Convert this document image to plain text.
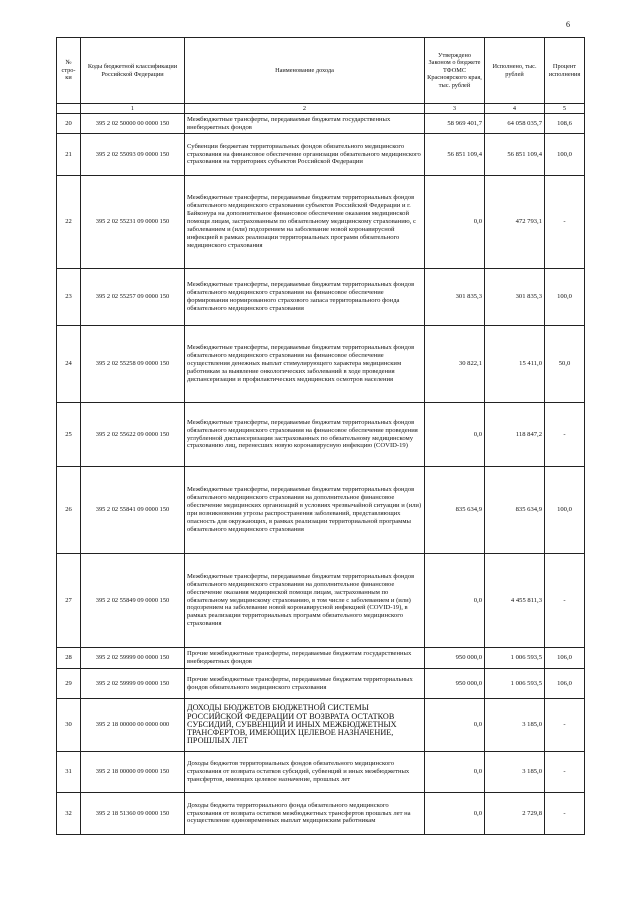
6
№ стро-ки	Коды бюджетной классификации Российской Федерации	Наименование дохода	Утверждено Законом о бюджете ТФОМС Красноярского края, тыс. рублей	Исполнено, тыс. рублей	Процент исполнения
	1	2	3	4	5
20	395 2 02 50000 00 0000 150	Межбюджетные трансферты, передаваемые бюджетам государственных внебюджетных фондов	58 969 401,7	64 058 035,7	108,6
21	395 2 02 55093 09 0000 150	Субвенции бюджетам территориальных фондов обязательного медицинского страхования на финансовое обеспечение организации обязательного медицинского страхования на территориях субъектов Российской Федерации	56 851 109,4	56 851 109,4	100,0
22	395 2 02 55231 09 0000 150	Межбюджетные трансферты, передаваемые бюджетам территориальных фондов обязательного медицинского страхования субъектов Российской Федерации и г. Байконура на дополнительное финансовое обеспечение оказания медицинской помощи лицам, застрахованным по обязательному медицинскому страхованию, с заболеванием и (или) подозрением на заболевание новой коронавирусной инфекцией в рамках реализации территориальных программ обязательного медицинского страхования	0,0	472 793,1	-
23	395 2 02 55257 09 0000 150	Межбюджетные трансферты, передаваемые бюджетам территориальных фондов обязательного медицинского страхования на финансовое обеспечение формирования нормированного страхового запаса территориального фонда обязательного медицинского страхования	301 835,3	301 835,3	100,0
24	395 2 02 55258 09 0000 150	Межбюджетные трансферты, передаваемые бюджетам территориальных фондов обязательного медицинского страхования на финансовое обеспечение осуществления денежных выплат стимулирующего характера медицинским работникам за выявление онкологических заболеваний в ходе проведения диспансеризации и профилактических медицинских осмотров населения	30 822,1	15 411,0	50,0
25	395 2 02 55622 09 0000 150	Межбюджетные трансферты, передаваемые бюджетам территориальных фондов обязательного медицинского страхования на финансовое обеспечение проведения углубленной диспансеризации застрахованных по обязательному медицинскому страхованию лиц, перенесших новую коронавирусную инфекцию (COVID-19)	0,0	118 847,2	-
26	395 2 02 55841 09 0000 150	Межбюджетные трансферты, передаваемые бюджетам территориальных фондов обязательного медицинского страхования на дополнительное финансовое обеспечение медицинских организаций в условиях чрезвычайной ситуации и (или) при возникновении угрозы распространения заболеваний, представляющих опасность для окружающих, в рамках реализации территориальной программы обязательного медицинского страхования	835 634,9	835 634,9	100,0
27	395 2 02 55849 09 0000 150	Межбюджетные трансферты, передаваемые бюджетам территориальных фондов обязательного медицинского страхования на дополнительное финансовое обеспечение оказания медицинской помощи лицам, застрахованным по обязательному медицинскому страхованию, в том числе с заболеванием и (или) подозрением на заболевание новой коронавирусной инфекцией (COVID-19), в рамках реализации территориальных программ обязательного медицинского страхования	0,0	4 455 811,3	-
28	395 2 02 59999 00 0000 150	Прочие межбюджетные трансферты, передаваемые бюджетам государственных внебюджетных фондов	950 000,0	1 006 593,5	106,0
29	395 2 02 59999 09 0000 150	Прочие межбюджетные трансферты, передаваемые бюджетам территориальных фондов обязательного медицинского страхования	950 000,0	1 006 593,5	106,0
30	395 2 18 00000 00 0000 000	ДОХОДЫ БЮДЖЕТОВ БЮДЖЕТНОЙ СИСТЕМЫ РОССИЙСКОЙ ФЕДЕРАЦИИ ОТ ВОЗВРАТА ОСТАТКОВ СУБСИДИЙ, СУБВЕНЦИЙ И ИНЫХ МЕЖБЮДЖЕТНЫХ ТРАНСФЕРТОВ, ИМЕЮЩИХ ЦЕЛЕВОЕ НАЗНАЧЕНИЕ, ПРОШЛЫХ ЛЕТ	0,0	3 185,0	-
31	395 2 18 00000 09 0000 150	Доходы бюджетов территориальных фондов обязательного медицинского страхования от возврата остатков субсидий, субвенций и иных межбюджетных трансфертов, имеющих целевое назначение, прошлых лет	0,0	3 185,0	-
32	395 2 18 51360 09 0000 150	Доходы бюджета территориального фонда обязательного медицинского страхования от возврата остатков межбюджетных трансфертов прошлых лет на осуществление единовременных выплат медицинским работникам	0,0	2 729,8	-
